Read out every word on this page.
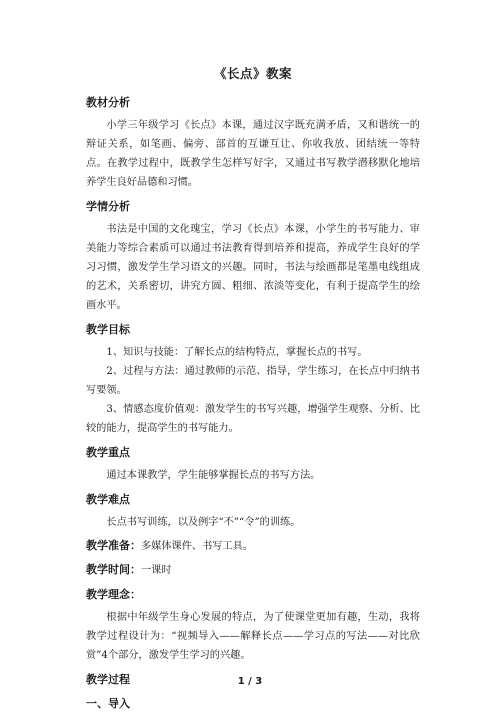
《长点》教案
教材分析

小学三年级学习《长点》本课，通过汉字既充满矛盾，又和谐统一的辩证关系，如笔画、偏旁、部首的互谦互让、你收我放、团结统一等特点。在教学过程中，既教学生怎样写好字，又通过书写教学潜移默化地培养学生良好品德和习惯。

学情分析

书法是中国的文化瑰宝，学习《长点》本课，小学生的书写能力、审美能力等综合素质可以通过书法教育得到培养和提高，养成学生良好的学习习惯，激发学生学习语文的兴趣。同时，书法与绘画都是笔墨电线组成的艺术，关系密切，讲究方圆、粗细、浓淡等变化，有利于提高学生的绘画水平。

教学目标

1、知识与技能：了解长点的结构特点，掌握长点的书写。

2、过程与方法：通过教师的示范、指导，学生练习，在长点中归纳书写要领。

3、情感态度价值观：激发学生的书写兴趣，增强学生观察、分析、比较的能力，提高学生的书写能力。

教学重点

通过本课教学，学生能够掌握长点的书写方法。

教学难点

长点书写训练，以及例字“不”“令”的训练。

教学准备：多媒体课件、书写工具。
教学时间：一课时
教学理念：

根据中年级学生身心发展的特点，为了使课堂更加有趣，生动，我将教学过程设计为：“视频导入——解释长点——学习点的写法——对比欣赏”4个部分，激发学生学习的兴趣。

教学过程
一、导入
1 / 3
